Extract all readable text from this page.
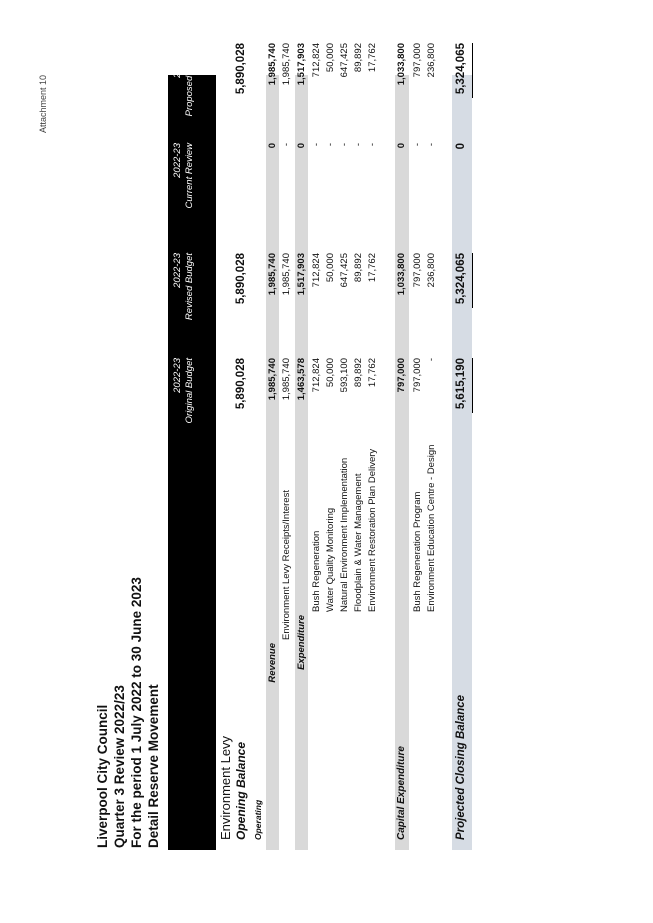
Attachment 10
Liverpool City Council Quarter 3 Review 2022/23 For the period 1 July 2022 to 30 June 2023 Detail Reserve Movement
2022-23 Original Budget
2022-23 Revised Budget
2022-23 Current Review
2022-23 Proposed Budget
Environment Levy Opening Balance
5,890,028
5,890,028
5,890,028
Operating
Revenue
1,985,740
1,985,740
0
1,985,740
Environment Levy Receipts/Interest
1,985,740
1,985,740
-
1,985,740
Expenditure
1,463,578
1,517,903
0
1,517,903
Bush Regeneration
712,824
712,824
-
712,824
Water Quality Monitoring
50,000
50,000
-
50,000
Natural Environment Implementation
593,100
647,425
-
647,425
Floodplain & Water Management
89,892
89,892
-
89,892
Environment Restoration Plan Delivery
17,762
17,762
-
17,762
Capital Expenditure
797,000
1,033,800
0
1,033,800
Bush Regeneration Program
797,000
797,000
-
797,000
Environment Education Centre - Design
-
236,800
-
236,800
Projected Closing Balance
5,615,190
5,324,065
0
5,324,065
